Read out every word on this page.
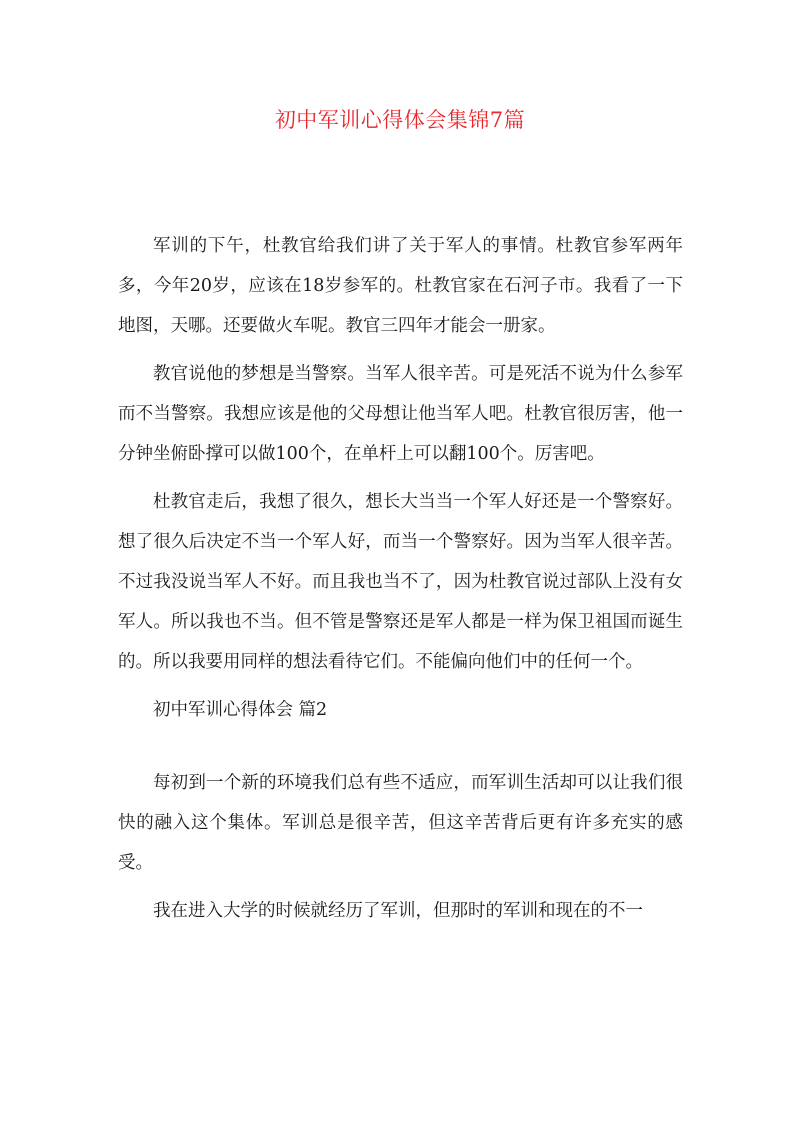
初中军训心得体会集锦7篇

军训的下午，杜教官给我们讲了关于军人的事情。杜教官参军两年多，今年20岁，应该在18岁参军的。杜教官家在石河子市。我看了一下地图，天哪。还要做火车呢。教官三四年才能会一册家。

教官说他的梦想是当警察。当军人很辛苦。可是死活不说为什么参军而不当警察。我想应该是他的父母想让他当军人吧。杜教官很厉害，他一分钟坐俯卧撑可以做100个，在单杆上可以翻100个。厉害吧。

杜教官走后，我想了很久，想长大当当一个军人好还是一个警察好。想了很久后决定不当一个军人好，而当一个警察好。因为当军人很辛苦。不过我没说当军人不好。而且我也当不了，因为杜教官说过部队上没有女军人。所以我也不当。但不管是警察还是军人都是一样为保卫祖国而诞生的。所以我要用同样的想法看待它们。不能偏向他们中的任何一个。

初中军训心得体会 篇2

每初到一个新的环境我们总有些不适应，而军训生活却可以让我们很快的融入这个集体。军训总是很辛苦，但这辛苦背后更有许多充实的感受。

我在进入大学的时候就经历了军训，但那时的军训和现在的不一
